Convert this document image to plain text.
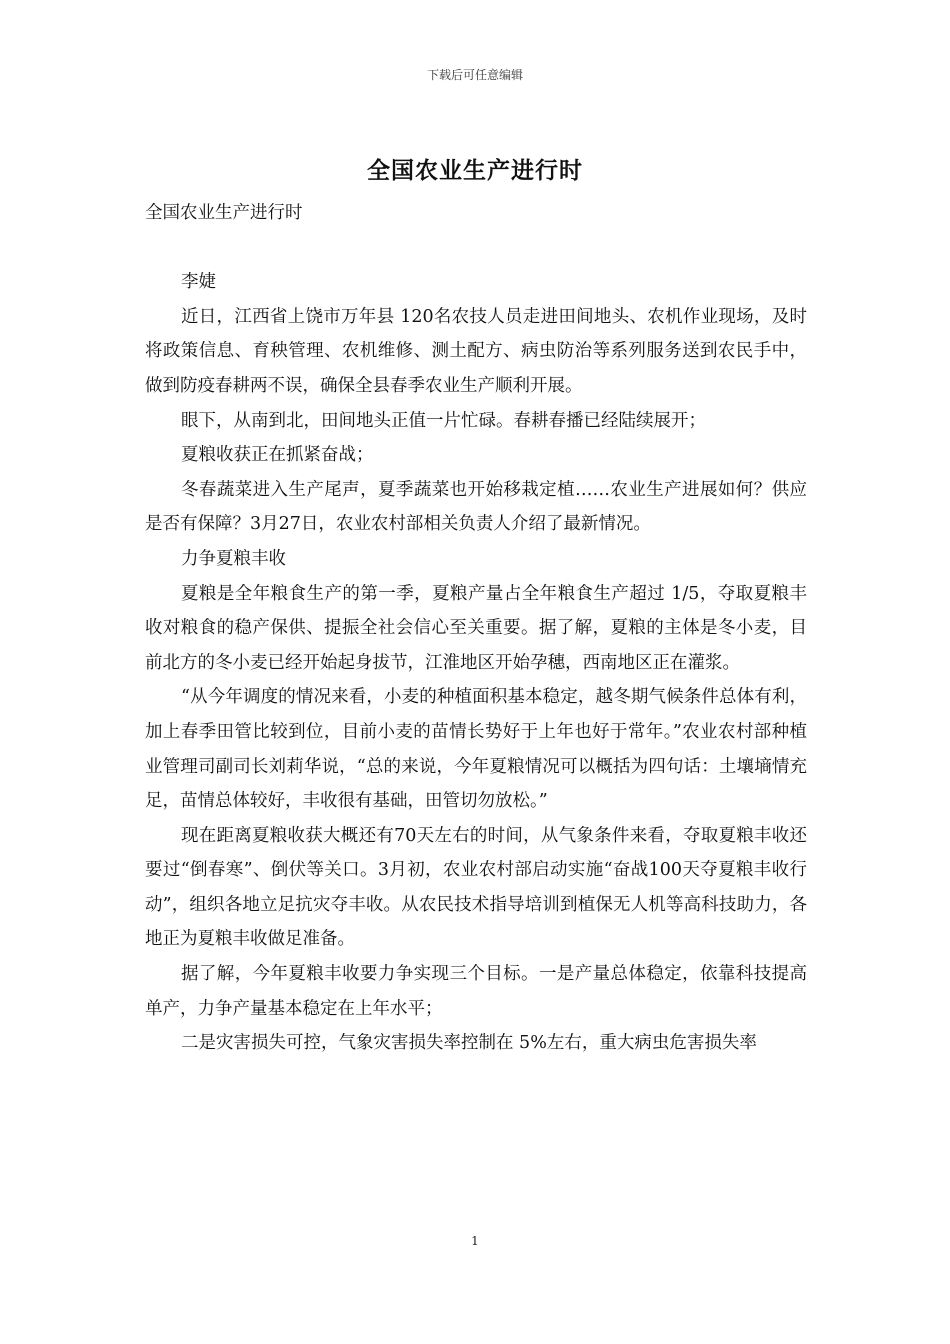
下载后可任意编辑
全国农业生产进行时

全国农业生产进行时

李婕

近日，江西省上饶市万年县 120名农技人员走进田间地头、农机作业现场，及时将政策信息、育秧管理、农机维修、测土配方、病虫防治等系列服务送到农民手中，做到防疫春耕两不误，确保全县春季农业生产顺利开展。

眼下，从南到北，田间地头正值一片忙碌。春耕春播已经陆续展开；

夏粮收获正在抓紧奋战；

冬春蔬菜进入生产尾声，夏季蔬菜也开始移栽定植……农业生产进展如何？供应是否有保障？3月27日，农业农村部相关负责人介绍了最新情况。

力争夏粮丰收

夏粮是全年粮食生产的第一季，夏粮产量占全年粮食生产超过 1/5，夺取夏粮丰收对粮食的稳产保供、提振全社会信心至关重要。据了解，夏粮的主体是冬小麦，目前北方的冬小麦已经开始起身拔节，江淮地区开始孕穗，西南地区正在灌浆。

“从今年调度的情况来看，小麦的种植面积基本稳定，越冬期气候条件总体有利，加上春季田管比较到位，目前小麦的苗情长势好于上年也好于常年。”农业农村部种植业管理司副司长刘莉华说，“总的来说，今年夏粮情况可以概括为四句话：土壤墒情充足，苗情总体较好，丰收很有基础，田管切勿放松。”

现在距离夏粮收获大概还有70天左右的时间，从气象条件来看，夺取夏粮丰收还要过“倒春寒”、倒伏等关口。3月初，农业农村部启动实施“奋战100天夺夏粮丰收行动”，组织各地立足抗灾夺丰收。从农民技术指导培训到植保无人机等高科技助力，各地正为夏粮丰收做足准备。

据了解，今年夏粮丰收要力争实现三个目标。一是产量总体稳定，依靠科技提高单产，力争产量基本稳定在上年水平；

二是灾害损失可控，气象灾害损失率控制在 5%左右，重大病虫危害损失率

1
